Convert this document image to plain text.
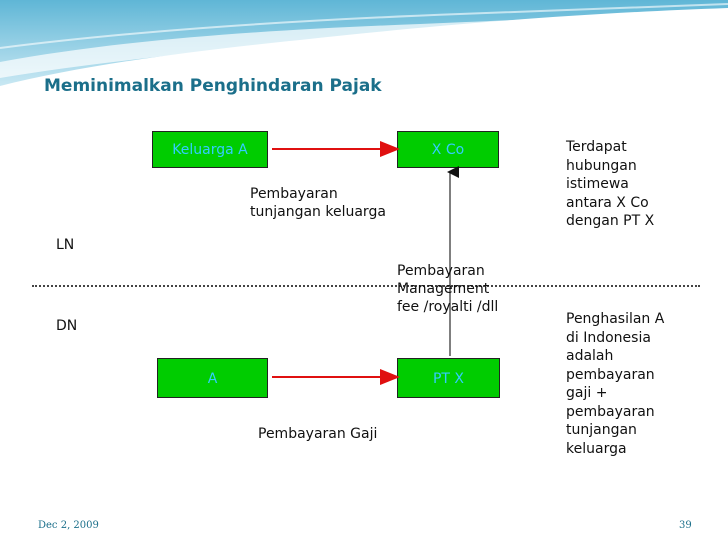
Meminimalkan Penghindaran Pajak
Keluarga A	X Co
A	PT X
LN
DN
Pembayaran
tunjangan keluarga
Pembayaran
Management
fee /royalti /dll
Pembayaran Gaji
Terdapat
hubungan
istimewa
antara X Co
dengan PT X
Penghasilan A
di Indonesia
adalah
pembayaran
gaji +
pembayaran
tunjangan
keluarga
Dec 2, 2009	39
